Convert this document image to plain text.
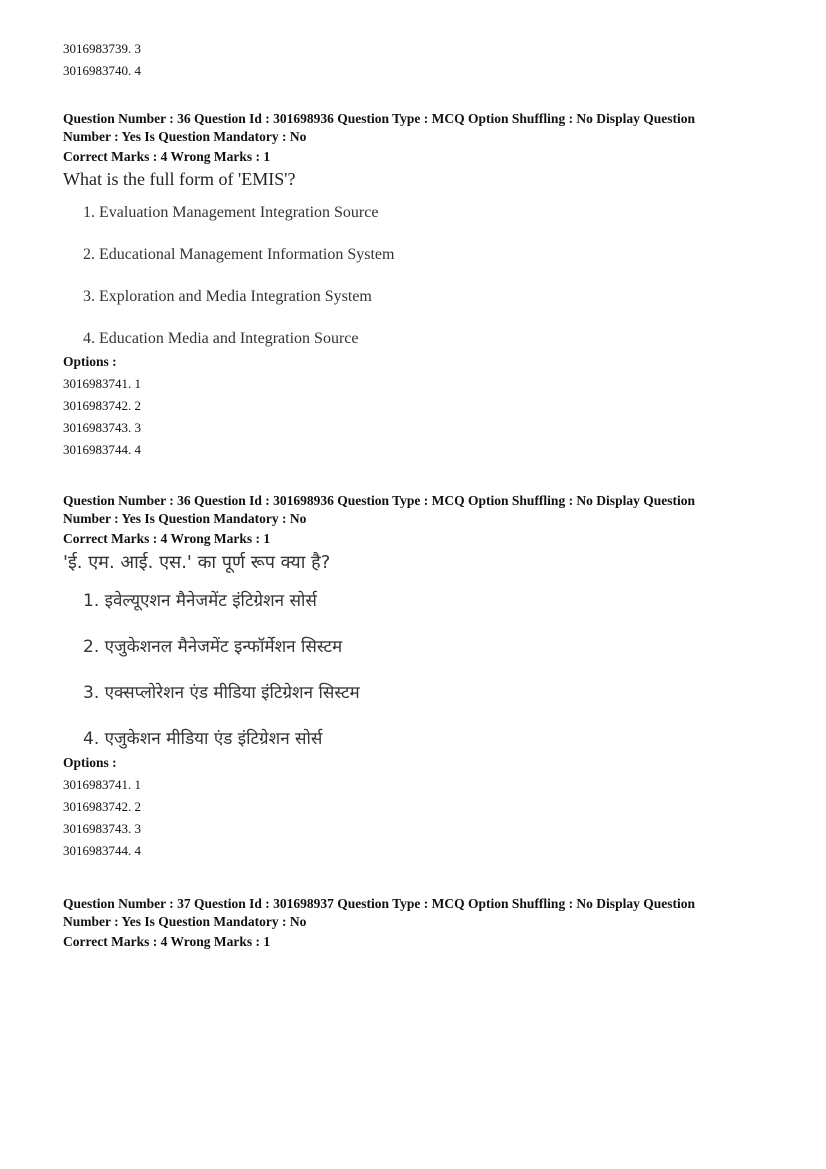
3016983739. 3
3016983740. 4
Question Number : 36 Question Id : 301698936 Question Type : MCQ Option Shuffling : No Display Question
Number : Yes Is Question Mandatory : No
Correct Marks : 4 Wrong Marks : 1
What is the full form of 'EMIS'?
1. Evaluation Management Integration Source
2. Educational Management Information System
3. Exploration and Media Integration System
4. Education Media and Integration Source
Options :
3016983741. 1
3016983742. 2
3016983743. 3
3016983744. 4
Question Number : 36 Question Id : 301698936 Question Type : MCQ Option Shuffling : No Display Question
Number : Yes Is Question Mandatory : No
Correct Marks : 4 Wrong Marks : 1
'ई. एम. आई. एस.' का पूर्ण रूप क्या है?
1. इवेल्यूएशन मैनेजमेंट इंटिग्रेशन सोर्स
2. एजुकेशनल मैनेजमेंट इन्फॉर्मेशन सिस्टम
3. एक्सप्लोरेशन एंड मीडिया इंटिग्रेशन सिस्टम
4. एजुकेशन मीडिया एंड इंटिग्रेशन सोर्स
Options :
3016983741. 1
3016983742. 2
3016983743. 3
3016983744. 4
Question Number : 37 Question Id : 301698937 Question Type : MCQ Option Shuffling : No Display Question
Number : Yes Is Question Mandatory : No
Correct Marks : 4 Wrong Marks : 1
